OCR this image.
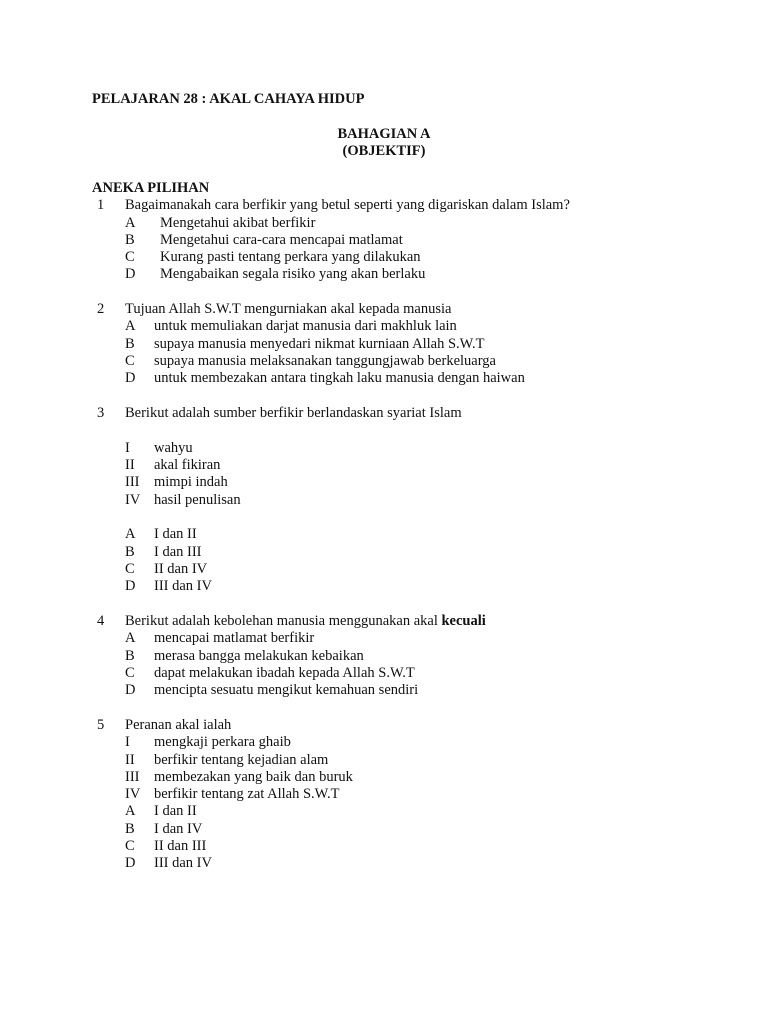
PELAJARAN 28 : AKAL CAHAYA HIDUP
BAHAGIAN A
(OBJEKTIF)
ANEKA PILIHAN
1 Bagaimanakah cara berfikir yang betul seperti yang digariskan dalam Islam?
A Mengetahui akibat berfikir
B Mengetahui cara-cara mencapai matlamat
C Kurang pasti tentang perkara yang dilakukan
D Mengabaikan segala risiko yang akan berlaku
2 Tujuan Allah S.W.T mengurniakan akal kepada manusia
A untuk memuliakan darjat manusia dari makhluk lain
B supaya manusia menyedari nikmat kurniaan Allah S.W.T
C supaya manusia melaksanakan tanggungjawab berkeluarga
D untuk membezakan antara tingkah laku manusia dengan haiwan
3 Berikut adalah sumber berfikir berlandaskan syariat Islam
I wahyu
II akal fikiran
III mimpi indah
IV hasil penulisan
A I dan II
B I dan III
C II dan IV
D III dan IV
4 Berikut adalah kebolehan manusia menggunakan akal kecuali
A mencapai matlamat berfikir
B merasa bangga melakukan kebaikan
C dapat melakukan ibadah kepada Allah S.W.T
D mencipta sesuatu mengikut kemahuan sendiri
5 Peranan akal ialah
I mengkaji perkara ghaib
II berfikir tentang kejadian alam
III membezakan yang baik dan buruk
IV berfikir tentang zat Allah S.W.T
A I dan II
B I dan IV
C II dan III
D III dan IV
